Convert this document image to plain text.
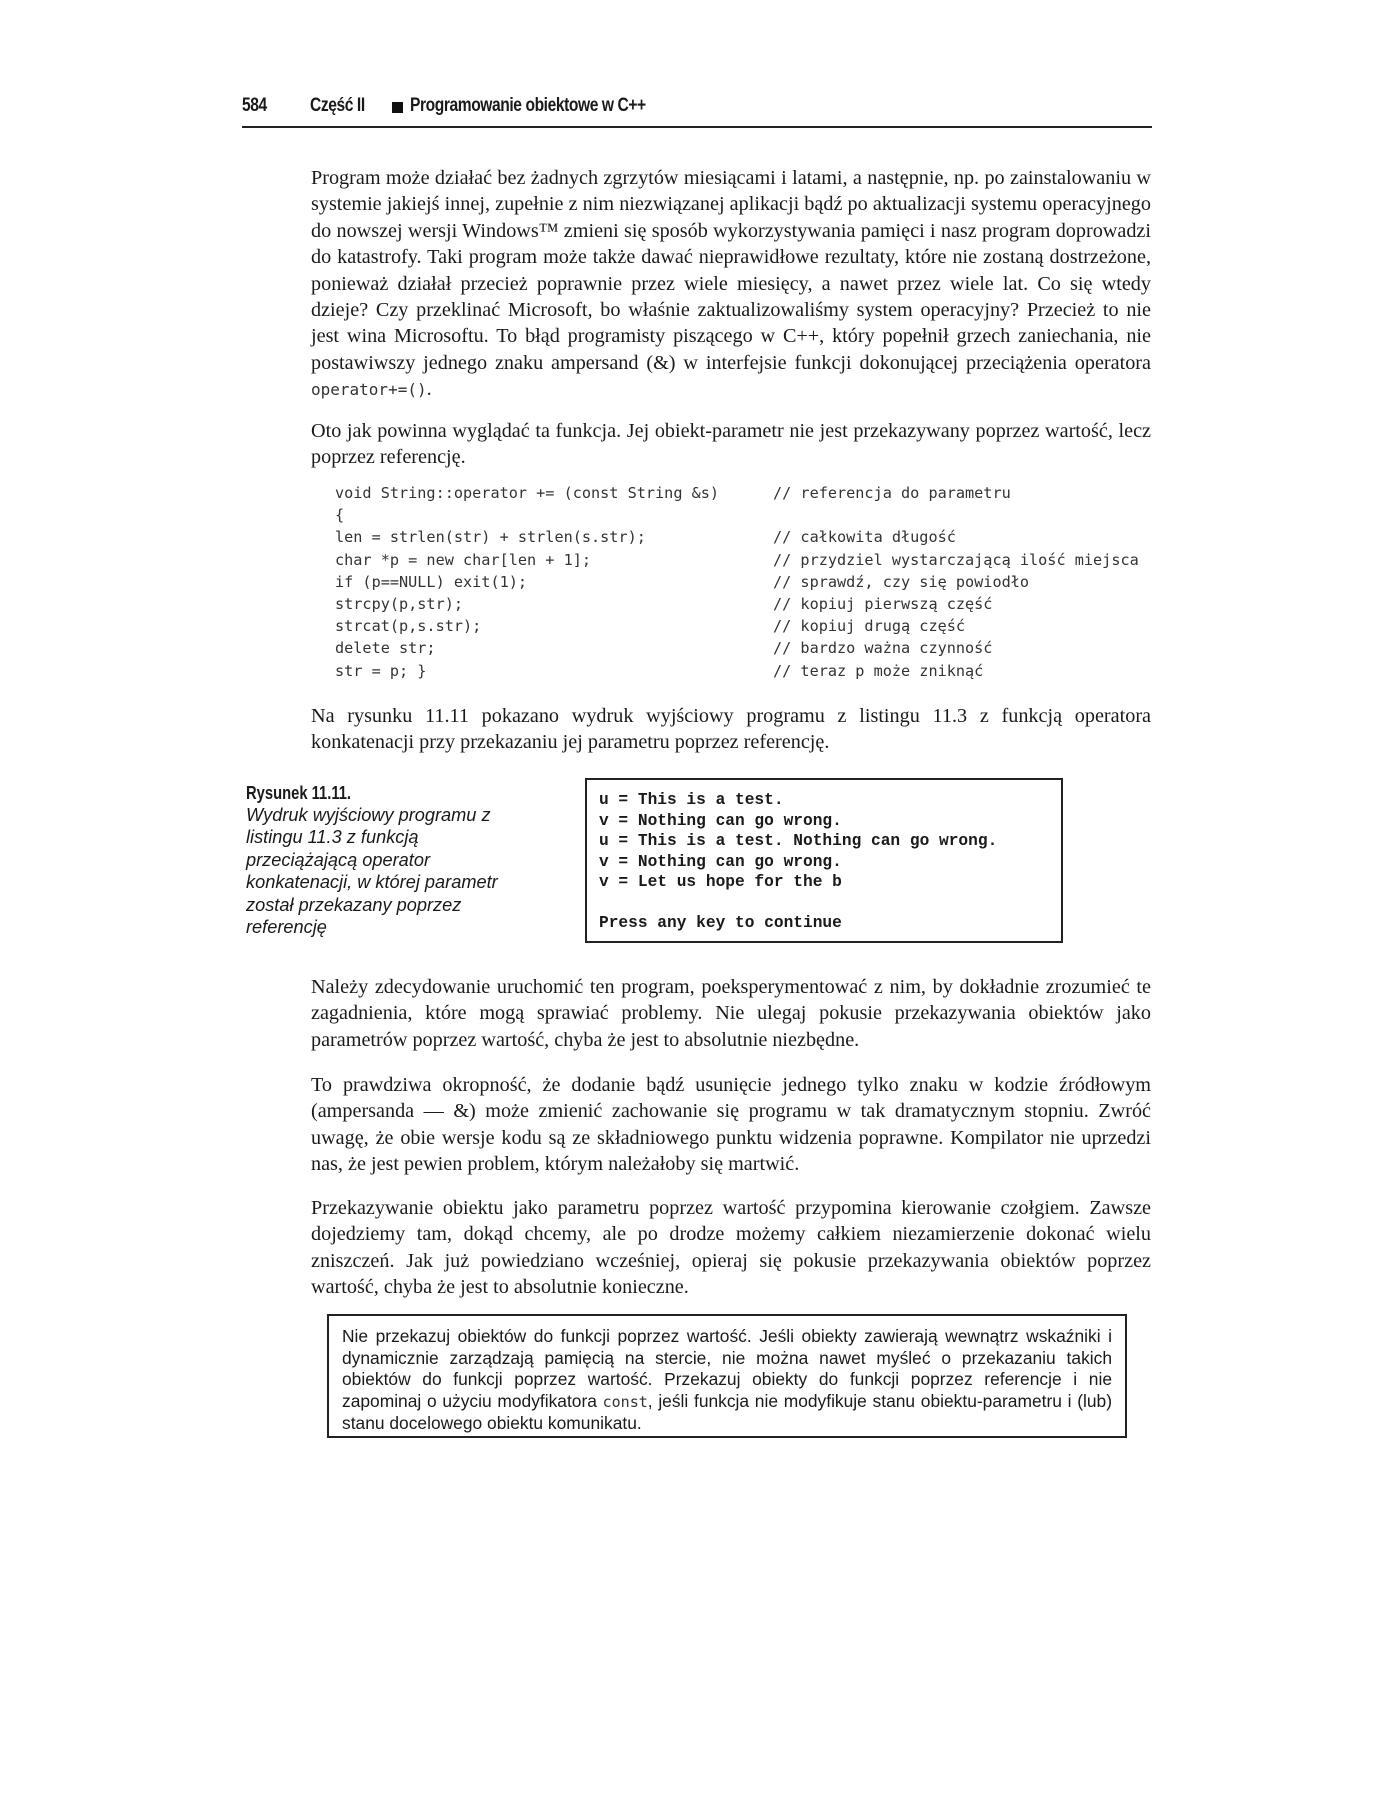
584 Część II Programowanie obiektowe w C++

Program może działać bez żadnych zgrzytów miesiącami i latami, a następnie, np. po zainstalowaniu w systemie jakiejś innej, zupełnie z nim niezwiązanej aplikacji bądź po aktualizacji systemu operacyjnego do nowszej wersji Windows™ zmieni się sposób wykorzystywania pamięci i nasz program doprowadzi do katastrofy. Taki program może także dawać nieprawidłowe rezultaty, które nie zostaną dostrzeżone, ponieważ działał przecież poprawnie przez wiele miesięcy, a nawet przez wiele lat. Co się wtedy dzieje? Czy przeklinać Microsoft, bo właśnie zaktualizowaliśmy system operacyjny? Przecież to nie jest wina Microsoftu. To błąd programisty piszącego w C++, który popełnił grzech zaniechania, nie postawiwszy jednego znaku ampersand (&) w interfejsie funkcji dokonującej przeciążenia operatora operator+=().

Oto jak powinna wyglądać ta funkcja. Jej obiekt-parametr nie jest przekazywany poprzez wartość, lecz poprzez referencję.

void String::operator += (const String &s)	// referencja do parametru
{
len = strlen(str) + strlen(s.str);	// całkowita długość
char *p = new char[len + 1];	// przydziel wystarczającą ilość miejsca
if (p==NULL) exit(1);	// sprawdź, czy się powiodło
strcpy(p,str);	// kopiuj pierwszą część
strcat(p,s.str);	// kopiuj drugą część
delete str;	// bardzo ważna czynność
str = p; }	// teraz p może zniknąć

Na rysunku 11.11 pokazano wydruk wyjściowy programu z listingu 11.3 z funkcją operatora konkatenacji przy przekazaniu jej parametru poprzez referencję.

Rysunek 11.11.

Wydruk wyjściowy programu z listingu 11.3 z funkcją przeciążającą operator konkatenacji, w której parametr został przekazany poprzez referencję

u = This is a test.
v = Nothing can go wrong.
u = This is a test. Nothing can go wrong.
v = Nothing can go wrong.
v = Let us hope for the b
Press any key to continue

Należy zdecydowanie uruchomić ten program, poeksperymentować z nim, by dokładnie zrozumieć te zagadnienia, które mogą sprawiać problemy. Nie ulegaj pokusie przekazywania obiektów jako parametrów poprzez wartość, chyba że jest to absolutnie niezbędne.

To prawdziwa okropność, że dodanie bądź usunięcie jednego tylko znaku w kodzie źródłowym (ampersanda — &) może zmienić zachowanie się programu w tak dramatycznym stopniu. Zwróć uwagę, że obie wersje kodu są ze składniowego punktu widzenia poprawne. Kompilator nie uprzedzi nas, że jest pewien problem, którym należałoby się martwić.

Przekazywanie obiektu jako parametru poprzez wartość przypomina kierowanie czołgiem. Zawsze dojedziemy tam, dokąd chcemy, ale po drodze możemy całkiem niezamierzenie dokonać wielu zniszczeń. Jak już powiedziano wcześniej, opieraj się pokusie przekazywania obiektów poprzez wartość, chyba że jest to absolutnie konieczne.

Nie przekazuj obiektów do funkcji poprzez wartość. Jeśli obiekty zawierają wewnątrz wskaźniki i dynamicznie zarządzają pamięcią na stercie, nie można nawet myśleć o przekazaniu takich obiektów do funkcji poprzez wartość. Przekazuj obiekty do funkcji poprzez referencje i nie zapominaj o użyciu modyfikatora const, jeśli funkcja nie modyfikuje stanu obiektu-parametru i (lub) stanu docelowego obiektu komunikatu.
